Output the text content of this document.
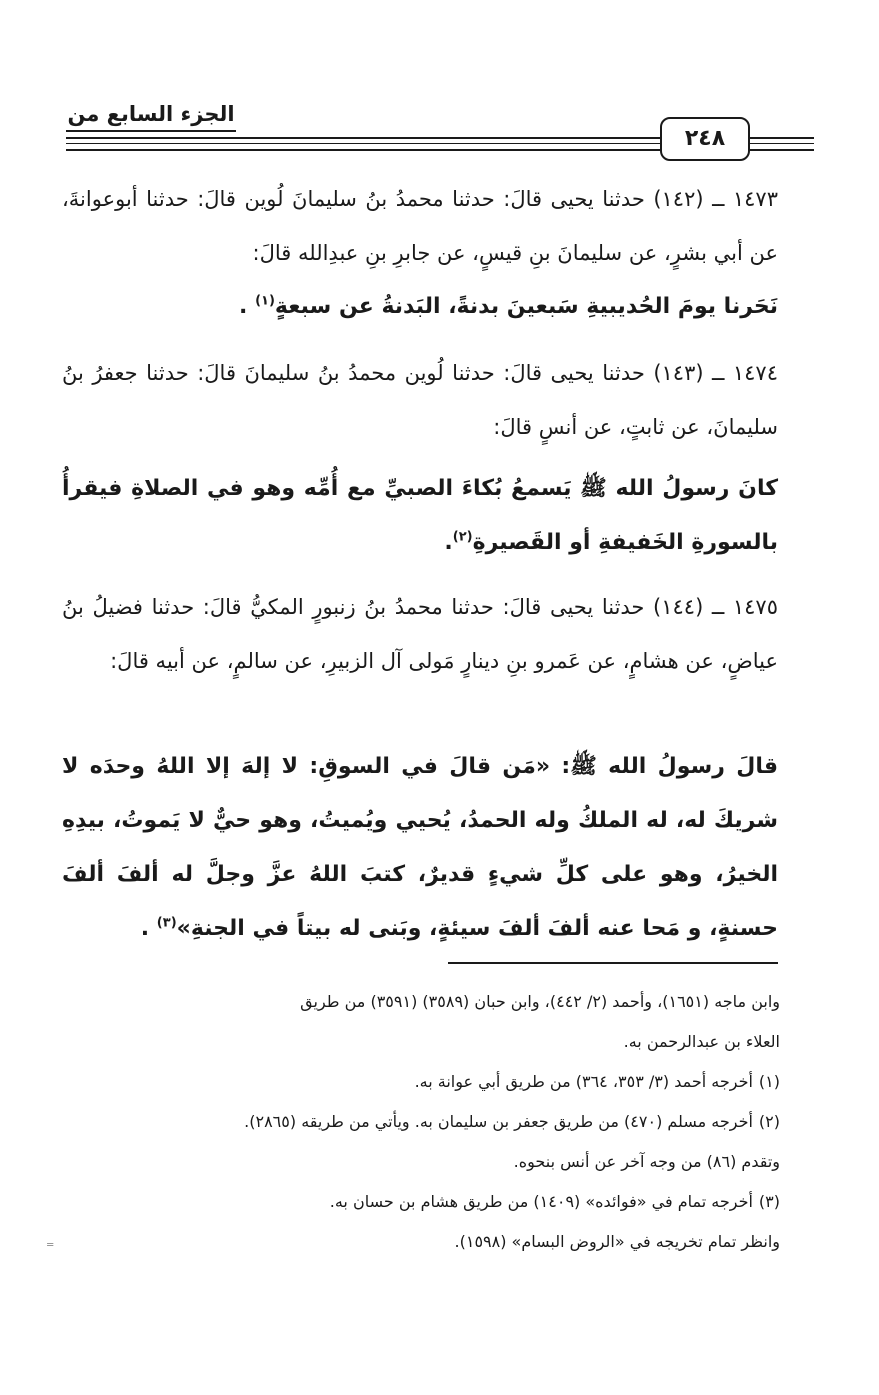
الجزء السابع من
٢٤٨
١٤٧٣ ــ (١٤٢) حدثنا يحيى قالَ: حدثنا محمدُ بنُ سليمانَ لُوين قالَ: حدثنا أبوعوانةَ، عن أبي بشرٍ، عن سليمانَ بنِ قيسٍ، عن جابرِ بنِ عبدِالله قالَ:
نَحَرنا يومَ الحُديبيةِ سَبعينَ بدنةً، البَدنةُ عن سبعةٍ$^{(١)}$ .
١٤٧٤ ــ (١٤٣) حدثنا يحيى قالَ: حدثنا لُوين محمدُ بنُ سليمانَ قالَ: حدثنا جعفرُ بنُ سليمانَ، عن ثابتٍ، عن أنسٍ قالَ:
كانَ رسولُ الله ﷺ يَسمعُ بُكاءَ الصبيِّ مع أُمِّه وهو في الصلاةِ فيقرأُ بالسورةِ الخَفيفةِ أو القَصيرةِ$^{(٢)}$.
١٤٧٥ ــ (١٤٤) حدثنا يحيى قالَ: حدثنا محمدُ بنُ زنبورٍ المكيُّ قالَ: حدثنا فضيلُ بنُ عياضٍ، عن هشامٍ، عن عَمرو بنِ دينارٍ مَولى آل الزبيرِ، عن سالمٍ، عن أبيه قالَ:
قالَ رسولُ الله ﷺ: «مَن قالَ في السوقِ: لا إلهَ إلا اللهُ وحدَه لا شريكَ له، له الملكُ وله الحمدُ، يُحيي ويُميتُ، وهو حيٌّ لا يَموتُ، بيدِهِ الخيرُ، وهو على كلِّ شيءٍ قديرٌ، كتبَ اللهُ عزَّ وجلَّ له ألفَ ألفَ حسنةٍ، و مَحا عنه ألفَ ألفَ سيئةٍ، وبَنى له بيتاً في الجنةِ»$^{(٣)}$ .
وابن ماجه (١٦٥١)، وأحمد (٢/ ٤٤٢)، وابن حبان (٣٥٨٩) (٣٥٩١) من طريق
العلاء بن عبدالرحمن به.
(١)أخرجه أحمد (٣/ ٣٥٣، ٣٦٤) من طريق أبي عوانة به.
(٢)أخرجه مسلم (٤٧٠) من طريق جعفر بن سليمان به. ويأتي من طريقه (٢٨٦٥).
وتقدم (٨٦) من وجه آخر عن أنس بنحوه.
(٣)أخرجه تمام في «فوائده» (١٤٠٩) من طريق هشام بن حسان به.
وانظر تمام تخريجه في «الروض البسام» (١٥٩٨).
=
